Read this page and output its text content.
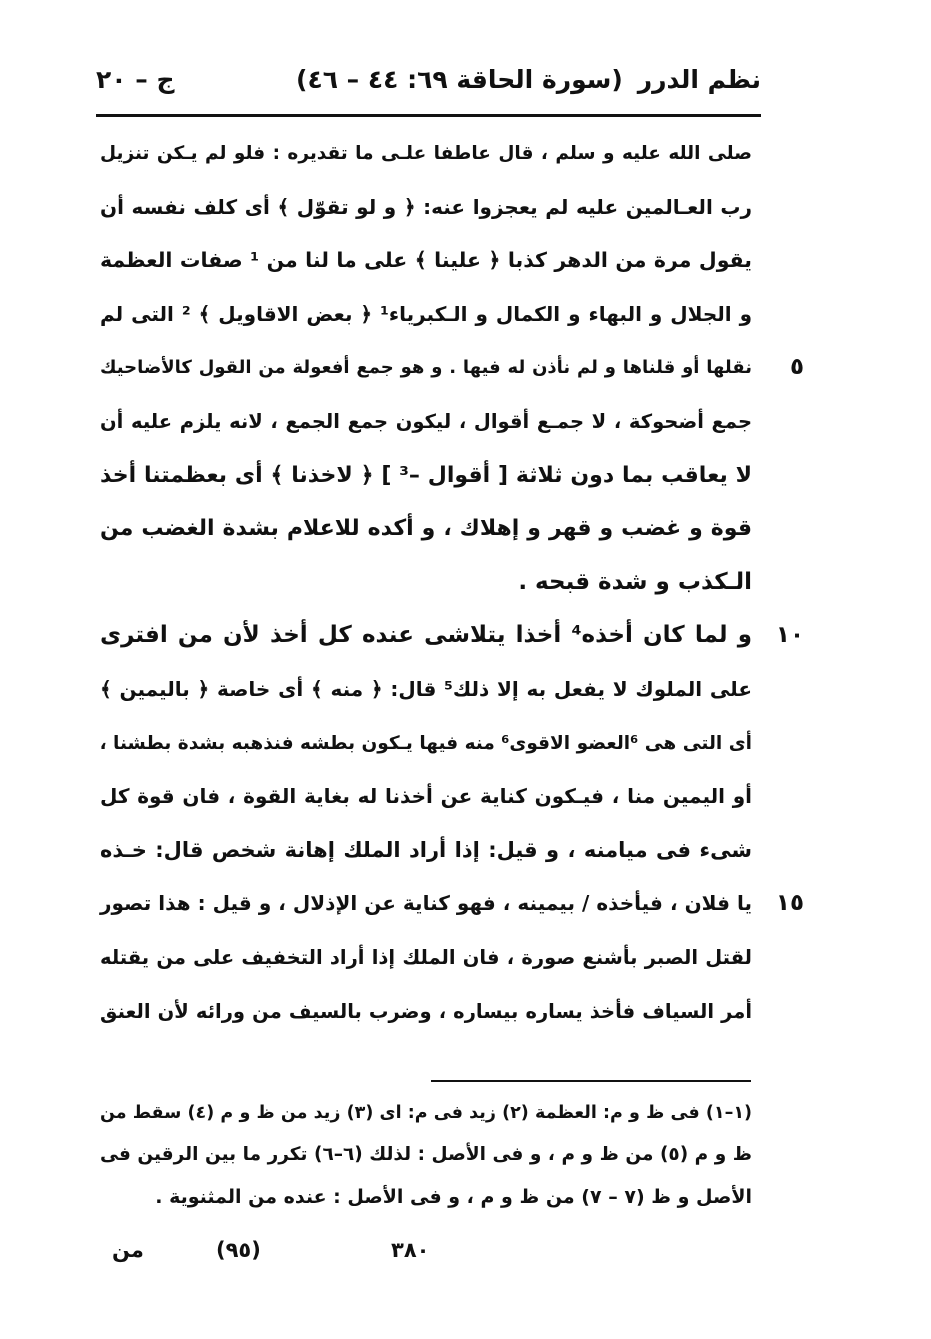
نظم الدرر
(سورة الحاقة ٦٩: ٤٤ – ٤٦)
ج – ٢٠
صلى الله عليه و سلم ، قال عاطفا علـى ما تقديره : فلو لم يـكن تنزيل
رب العـالمين عليه لم يعجزوا عنه: ﴿ و لو تقوّل ﴾ أى كلف نفسه أن
يقول مرة من الدهر كذبا ﴿ علينا ﴾ على ما لنا من ¹ صفات العظمة
و الجلال و البهاء و الكمال و الـكبرياء¹ ﴿ بعض الاقاويل ﴾ ² التى لم
٥
نقلها أو قلناها و لم نأذن له فيها . و هو جمع أفعولة من القول كالأضاحيك
جمع أضحوكة ، لا جمـع أقوال ، ليكون جمع الجمع ، لانه يلزم عليه أن
لا يعاقب بما دون ثلاثة [ أقوال –³ ] ﴿ لاخذنا ﴾ أى بعظمتنا أخذ
قوة و غضب و قهر و إهلاك ، و أكده للاعلام بشدة الغضب من
الـكذب و شدة قبحه .
١٠
و لما كان أخذه⁴ أخذا يتلاشى عنده كل أخذ لأن من افترى
على الملوك لا يفعل به إلا ذلك⁵ قال: ﴿ منه ﴾ أى خاصة ﴿ باليمين ﴾
أى التى هى ⁶العضو الاقوى⁶ منه فيها يـكون بطشه فنذهبه بشدة بطشنا ،
أو اليمين منا ، فيـكون كناية عن أخذنا له بغاية القوة ، فان قوة كل
شىء فى ميامنه ، و قيل: إذا أراد الملك إهانة شخص قال: خـذه
١٥
يا فلان ، فيأخذه / بيمينه ، فهو كناية عن الإذلال ، و قيل : هذا تصور
لقتل الصبر بأشنع صورة ، فان الملك إذا أراد التخفيف على من يقتله
أمر السياف فأخذ يساره بيساره ، وضرب بالسيف من ورائه لأن العنق
(١–١) فى ظ و م: العظمة (٢) زيد فى م: اى (٣) زيد من ظ و م (٤) سقط من
ظ و م (٥) من ظ و م ، و فى الأصل : لذلك (٦–٦) تكرر ما بين الرقين فى
الأصل و ظ (٧ – ٧) من ظ و م ، و فى الأصل : عنده من المثنوية .
٣٨٠
(٩٥)
من
